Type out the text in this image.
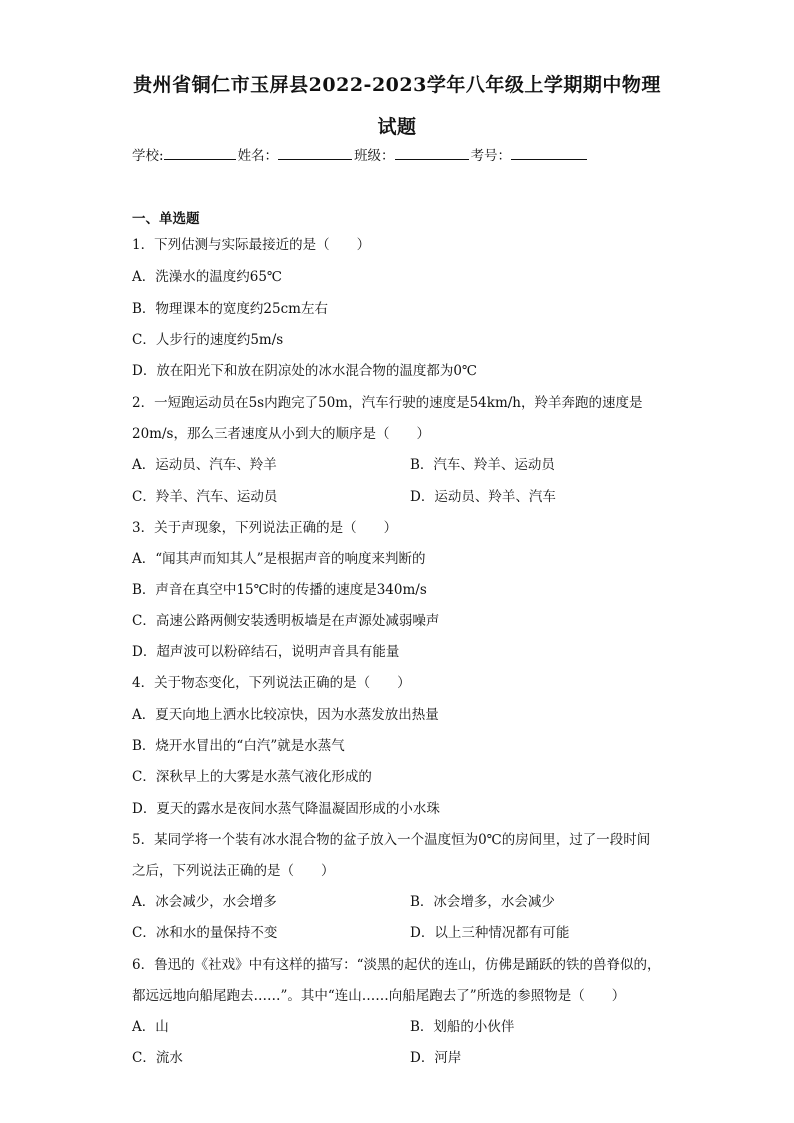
贵州省铜仁市玉屏县2022-2023学年八年级上学期期中物理
试题
学校:	姓名：	班级：	考号：
一、单选题
1．下列估测与实际最接近的是（　　）
A．洗澡水的温度约65℃
B．物理课本的宽度约25cm左右
C．人步行的速度约5m/s
D．放在阳光下和放在阴凉处的冰水混合物的温度都为0℃
2．一短跑运动员在5s内跑完了50m，汽车行驶的速度是54km/h，羚羊奔跑的速度是
20m/s，那么三者速度从小到大的顺序是（　　）
A．运动员、汽车、羚羊	B．汽车、羚羊、运动员
C．羚羊、汽车、运动员	D．运动员、羚羊、汽车
3．关于声现象，下列说法正确的是（　　）
A．“闻其声而知其人”是根据声音的响度来判断的
B．声音在真空中15℃时的传播的速度是340m/s
C．高速公路两侧安装透明板墙是在声源处减弱噪声
D．超声波可以粉碎结石，说明声音具有能量
4．关于物态变化，下列说法正确的是（　　）
A．夏天向地上洒水比较凉快，因为水蒸发放出热量
B．烧开水冒出的“白汽”就是水蒸气
C．深秋早上的大雾是水蒸气液化形成的
D．夏天的露水是夜间水蒸气降温凝固形成的小水珠
5．某同学将一个装有冰水混合物的盆子放入一个温度恒为0℃的房间里，过了一段时间
之后，下列说法正确的是（　　）
A．冰会减少，水会增多	B．冰会增多，水会减少
C．冰和水的量保持不变	D．以上三种情况都有可能
6．鲁迅的《社戏》中有这样的描写：“淡黑的起伏的连山，仿佛是踊跃的铁的兽脊似的，
都远远地向船尾跑去……”。其中“连山……向船尾跑去了”所选的参照物是（　　）
A．山	B．划船的小伙伴
C．流水	D．河岸
